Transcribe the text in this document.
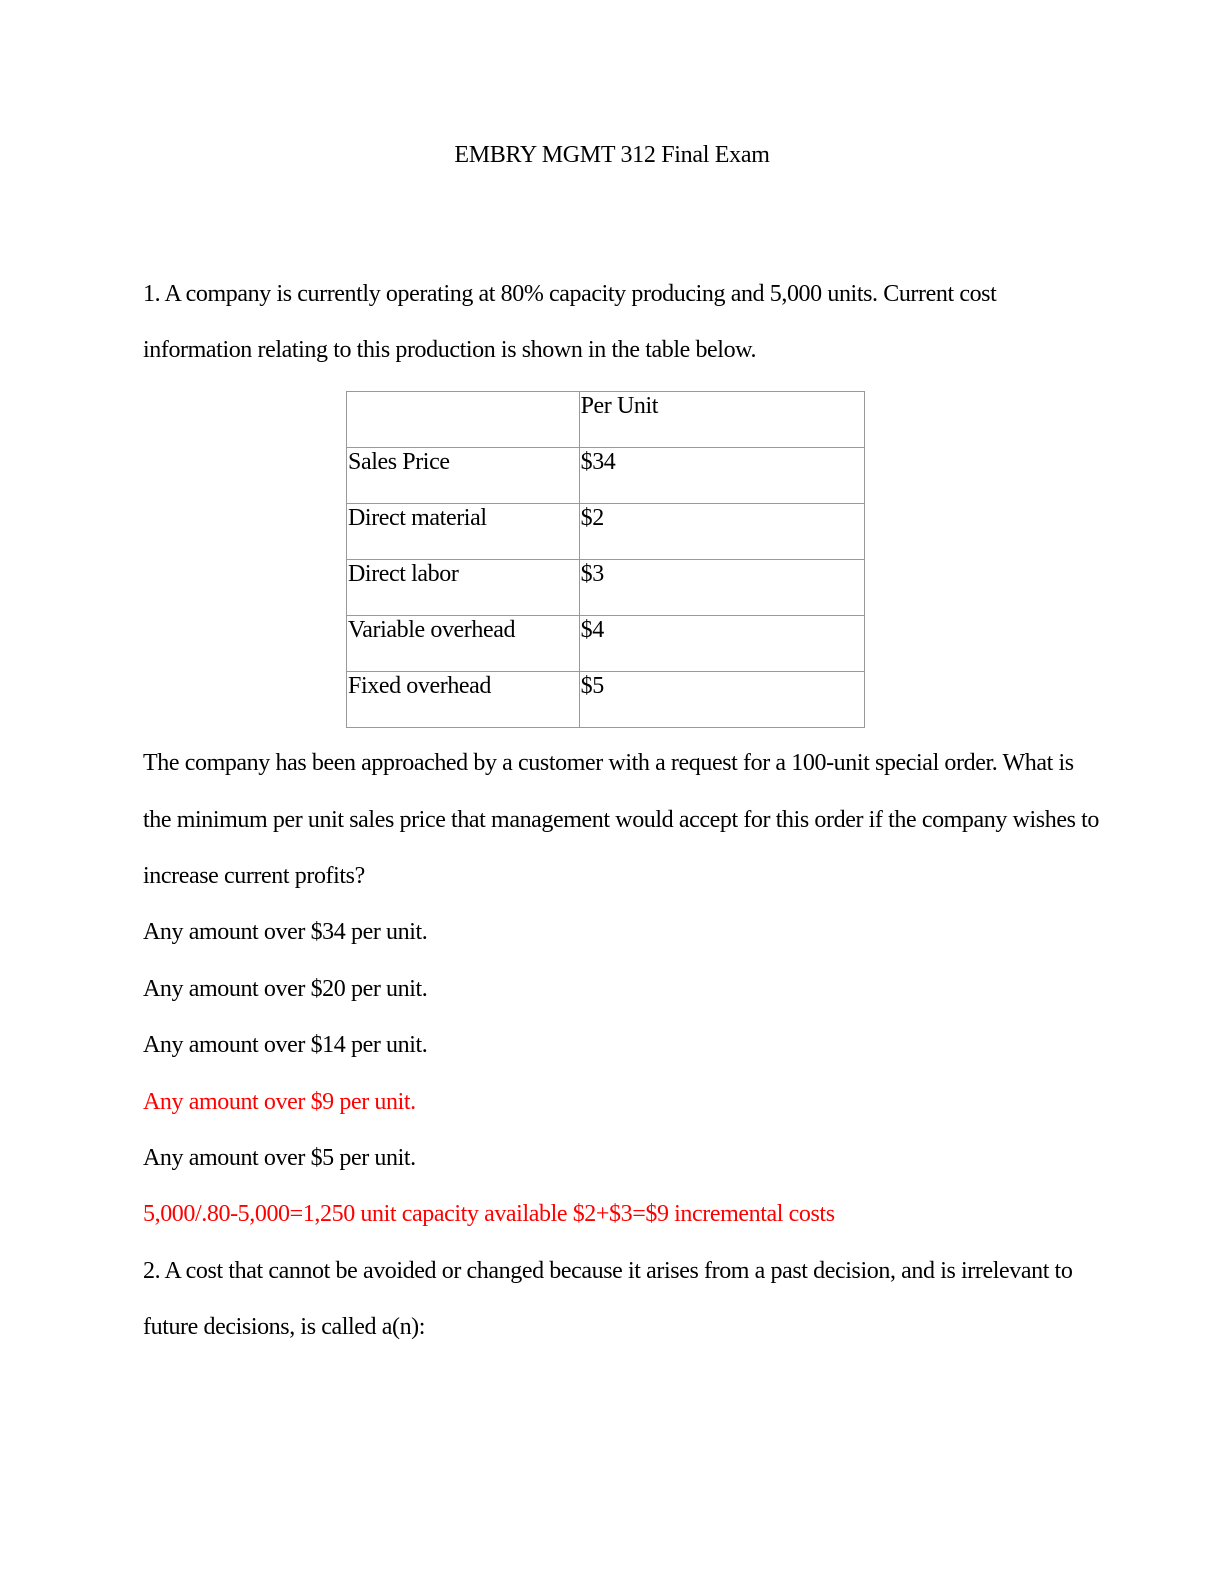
EMBRY MGMT 312 Final Exam
1. A company is currently operating at 80% capacity producing and 5,000 units. Current cost
information relating to this production is shown in the table below.
	Per Unit
Sales Price	$34
Direct material	$2
Direct labor	$3
Variable overhead	$4
Fixed overhead	$5
The company has been approached by a customer with a request for a 100-unit special order. What is
the minimum per unit sales price that management would accept for this order if the company wishes to
increase current profits?
Any amount over $34 per unit.
Any amount over $20 per unit.
Any amount over $14 per unit.
Any amount over $9 per unit.
Any amount over $5 per unit.
5,000/.80-5,000=1,250 unit capacity available $2+$3=$9 incremental costs
2. A cost that cannot be avoided or changed because it arises from a past decision, and is irrelevant to
future decisions, is called a(n):
